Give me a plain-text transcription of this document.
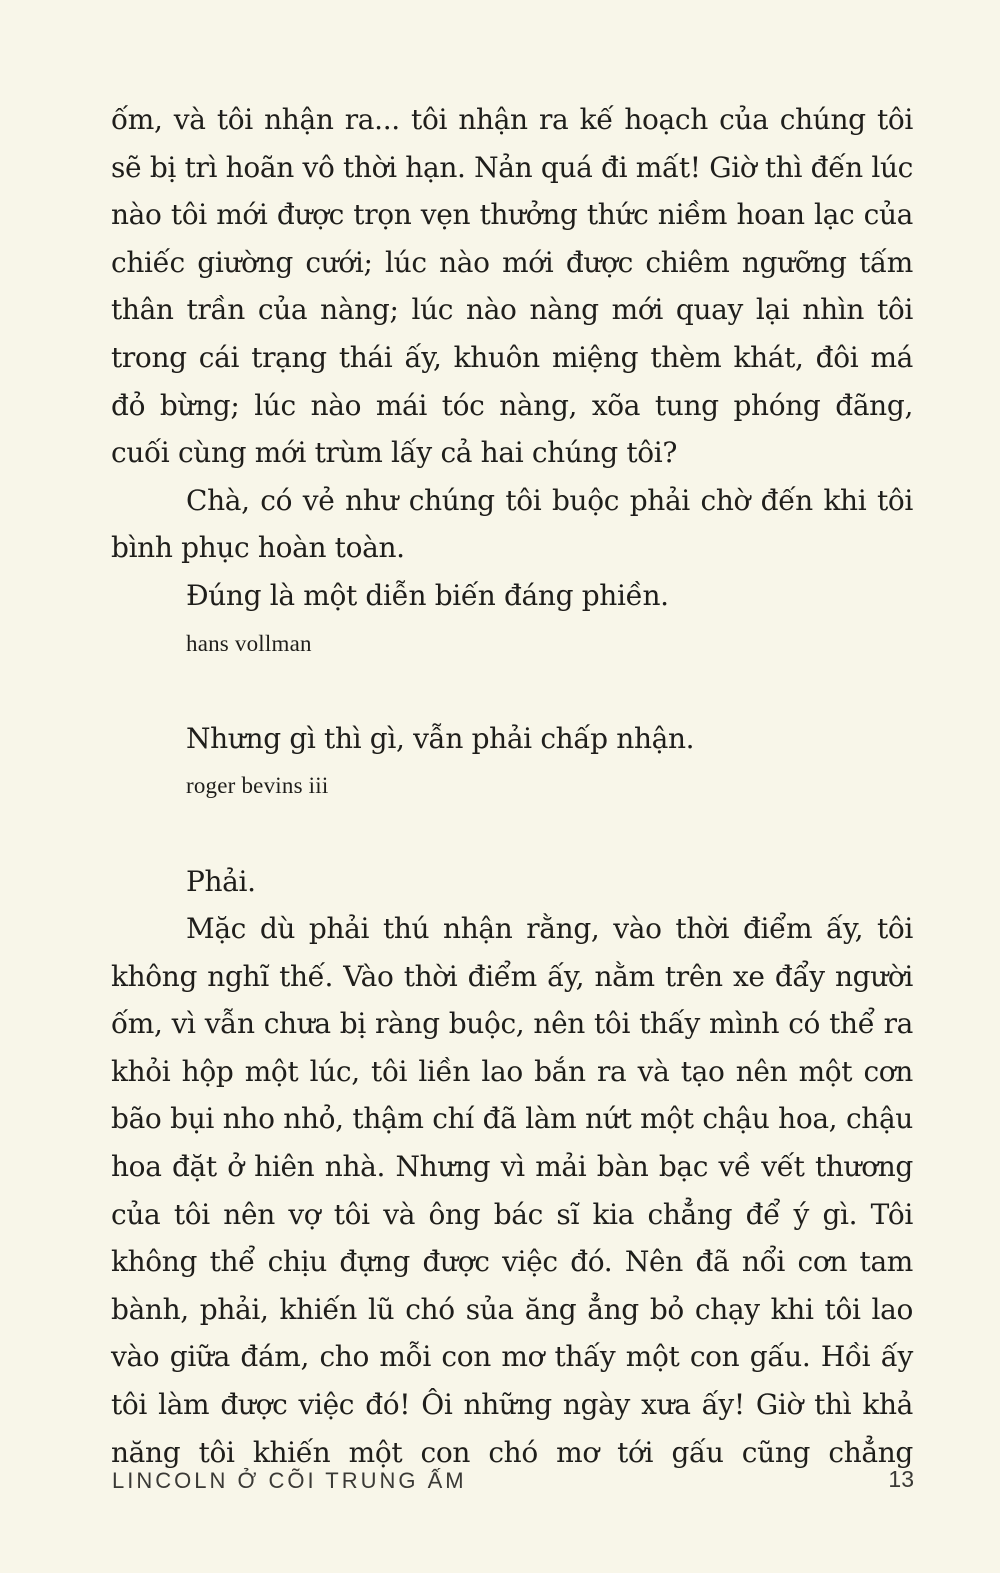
ốm, và tôi nhận ra... tôi nhận ra kế hoạch của chúng tôi sẽ bị trì hoãn vô thời hạn. Nản quá đi mất! Giờ thì đến lúc nào tôi mới được trọn vẹn thưởng thức niềm hoan lạc của chiếc giường cưới; lúc nào mới được chiêm ngưỡng tấm thân trần của nàng; lúc nào nàng mới quay lại nhìn tôi trong cái trạng thái ấy, khuôn miệng thèm khát, đôi má đỏ bừng; lúc nào mái tóc nàng, xõa tung phóng đãng, cuối cùng mới trùm lấy cả hai chúng tôi?

Chà, có vẻ như chúng tôi buộc phải chờ đến khi tôi bình phục hoàn toàn.

Đúng là một diễn biến đáng phiền.

hans vollman

Nhưng gì thì gì, vẫn phải chấp nhận.

roger bevins iii

Phải.

Mặc dù phải thú nhận rằng, vào thời điểm ấy, tôi không nghĩ thế. Vào thời điểm ấy, nằm trên xe đẩy người ốm, vì vẫn chưa bị ràng buộc, nên tôi thấy mình có thể ra khỏi hộp một lúc, tôi liền lao bắn ra và tạo nên một cơn bão bụi nho nhỏ, thậm chí đã làm nứt một chậu hoa, chậu hoa đặt ở hiên nhà. Nhưng vì mải bàn bạc về vết thương của tôi nên vợ tôi và ông bác sĩ kia chẳng để ý gì. Tôi không thể chịu đựng được việc đó. Nên đã nổi cơn tam bành, phải, khiến lũ chó sủa ăng ẳng bỏ chạy khi tôi lao vào giữa đám, cho mỗi con mơ thấy một con gấu. Hồi ấy tôi làm được việc đó! Ôi những ngày xưa ấy! Giờ thì khả năng tôi khiến một con chó mơ tới gấu cũng chẳng

LINCOLN Ở CÕI TRUNG ẤM	13
